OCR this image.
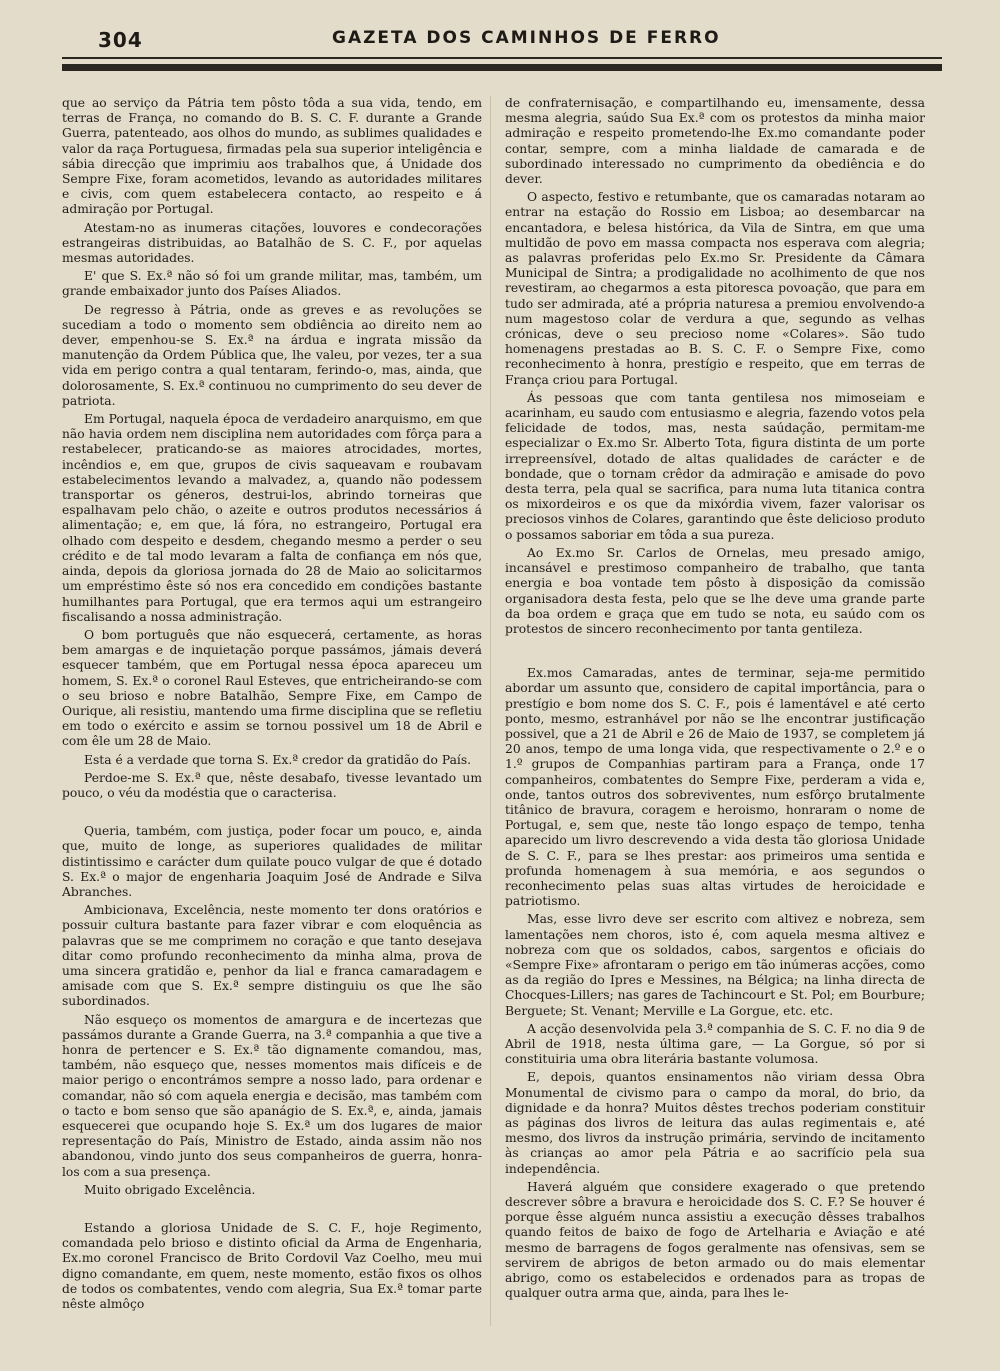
304	GAZETA DOS CAMINHOS DE FERRO

que ao serviço da Pátria tem pôsto tôda a sua vida, tendo, em terras de França, no comando do B. S. C. F. durante a Grande Guerra, patenteado, aos olhos do mundo, as sublimes qualidades e valor da raça Portuguesa, firmadas pela sua superior inteligência e sábia direcção que imprimiu aos trabalhos que, á Unidade dos Sempre Fixe, foram acometidos, levando as autoridades militares e civis, com quem estabelecera contacto, ao respeito e á admiração por Portugal.

Atestam-no as inumeras citações, louvores e condecorações estrangeiras distribuidas, ao Batalhão de S. C. F., por aquelas mesmas autoridades.

E' que S. Ex.ª não só foi um grande militar, mas, também, um grande embaixador junto dos Países Aliados.

De regresso à Pátria, onde as greves e as revoluções se sucediam a todo o momento sem obdiência ao direito nem ao dever, empenhou-se S. Ex.ª na árdua e ingrata missão da manutenção da Ordem Pública que, lhe valeu, por vezes, ter a sua vida em perigo contra a qual tentaram, ferindo-o, mas, ainda, que dolorosamente, S. Ex.ª continuou no cumprimento do seu dever de patriota.

Em Portugal, naquela época de verdadeiro anarquismo, em que não havia ordem nem disciplina nem autoridades com fôrça para a restabelecer, praticando-se as maiores atrocidades, mortes, incêndios e, em que, grupos de civis saqueavam e roubavam estabelecimentos levando a malvadez, a, quando não podessem transportar os géneros, destrui-los, abrindo torneiras que espalhavam pelo chão, o azeite e outros produtos necessários á alimentação; e, em que, lá fóra, no estrangeiro, Portugal era olhado com despeito e desdem, chegando mesmo a perder o seu crédito e de tal modo levaram a falta de confiança em nós que, ainda, depois da gloriosa jornada do 28 de Maio ao solicitarmos um empréstimo êste só nos era concedido em condições bastante humilhantes para Portugal, que era termos aqui um estrangeiro fiscalisando a nossa administração.

O bom português que não esquecerá, certamente, as horas bem amargas e de inquietação porque passámos, jámais deverá esquecer também, que em Portugal nessa época apareceu um homem, S. Ex.ª o coronel Raul Esteves, que entricheirando-se com o seu brioso e nobre Batalhão, Sempre Fixe, em Campo de Ourique, ali resistiu, mantendo uma firme disciplina que se refletiu em todo o exército e assim se tornou possivel um 18 de Abril e com êle um 28 de Maio.

Esta é a verdade que torna S. Ex.ª credor da gratidão do País.

Perdoe-me S. Ex.ª que, nêste desabafo, tivesse levantado um pouco, o véu da modéstia que o caracterisa.

Queria, também, com justiça, poder focar um pouco, e, ainda que, muito de longe, as superiores qualidades de militar distintissimo e carácter dum quilate pouco vulgar de que é dotado S. Ex.ª o major de engenharia Joaquim José de Andrade e Silva Abranches.

Ambicionava, Excelência, neste momento ter dons oratórios e possuir cultura bastante para fazer vibrar e com eloquência as palavras que se me comprimem no coração e que tanto desejava ditar como profundo reconhecimento da minha alma, prova de uma sincera gratidão e, penhor da lial e franca camaradagem e amisade com que S. Ex.ª sempre distinguiu os que lhe são subordinados.

Não esqueço os momentos de amargura e de incertezas que passámos durante a Grande Guerra, na 3.ª companhia a que tive a honra de pertencer e S. Ex.ª tão dignamente comandou, mas, também, não esqueço que, nesses momentos mais difíceis e de maior perigo o encontrámos sempre a nosso lado, para ordenar e comandar, não só com aquela energia e decisão, mas também com o tacto e bom senso que são apanágio de S. Ex.ª, e, ainda, jamais esquecerei que ocupando hoje S. Ex.ª um dos lugares de maior representação do País, Ministro de Estado, ainda assim não nos abandonou, vindo junto dos seus companheiros de guerra, honra-los com a sua presença.

Muito obrigado Excelência.

Estando a gloriosa Unidade de S. C. F., hoje Regimento, comandada pelo brioso e distinto oficial da Arma de Engenharia, Ex.mo coronel Francisco de Brito Cordovil Vaz Coelho, meu mui digno comandante, em quem, neste momento, estão fixos os olhos de todos os combatentes, vendo com alegria, Sua Ex.ª tomar parte nêste almôço

de confraternisação, e compartilhando eu, imensamente, dessa mesma alegria, saúdo Sua Ex.ª com os protestos da minha maior admiração e respeito prometendo-lhe Ex.mo comandante poder contar, sempre, com a minha lialdade de camarada e de subordinado interessado no cumprimento da obediência e do dever.

O aspecto, festivo e retumbante, que os camaradas notaram ao entrar na estação do Rossio em Lisboa; ao desembarcar na encantadora, e belesa histórica, da Vila de Sintra, em que uma multidão de povo em massa compacta nos esperava com alegria; as palavras proferidas pelo Ex.mo Sr. Presidente da Câmara Municipal de Sintra; a prodigalidade no acolhimento de que nos revestiram, ao chegarmos a esta pitoresca povoação, que para em tudo ser admirada, até a própria naturesa a premiou envolvendo-a num magestoso colar de verdura a que, segundo as velhas crónicas, deve o seu precioso nome «Colares». São tudo homenagens prestadas ao B. S. C. F. o Sempre Fixe, como reconhecimento à honra, prestígio e respeito, que em terras de França criou para Portugal.

Ás pessoas que com tanta gentilesa nos mimoseiam e acarinham, eu saudo com entusiasmo e alegria, fazendo votos pela felicidade de todos, mas, nesta saúdação, permitam-me especializar o Ex.mo Sr. Alberto Tota, figura distinta de um porte irrepreensível, dotado de altas qualidades de carácter e de bondade, que o tornam crêdor da admiração e amisade do povo desta terra, pela qual se sacrifica, para numa luta titanica contra os mixordeiros e os que da mixórdia vivem, fazer valorisar os preciosos vinhos de Colares, garantindo que êste delicioso produto o possamos saboriar em tôda a sua pureza.

Ao Ex.mo Sr. Carlos de Ornelas, meu presado amigo, incansável e prestimoso companheiro de trabalho, que tanta energia e boa vontade tem pôsto à disposição da comissão organisadora desta festa, pelo que se lhe deve uma grande parte da boa ordem e graça que em tudo se nota, eu saúdo com os protestos de sincero reconhecimento por tanta gentileza.

Ex.mos Camaradas, antes de terminar, seja-me permitido abordar um assunto que, considero de capital importância, para o prestígio e bom nome dos S. C. F., pois é lamentável e até certo ponto, mesmo, estranhável por não se lhe encontrar justificação possivel, que a 21 de Abril e 26 de Maio de 1937, se completem já 20 anos, tempo de uma longa vida, que respectivamente o 2.º e o 1.º grupos de Companhias partiram para a França, onde 17 companheiros, combatentes do Sempre Fixe, perderam a vida e, onde, tantos outros dos sobreviventes, num esfôrço brutalmente titânico de bravura, coragem e heroismo, honraram o nome de Portugal, e, sem que, neste tão longo espaço de tempo, tenha aparecido um livro descrevendo a vida desta tão gloriosa Unidade de S. C. F., para se lhes prestar: aos primeiros uma sentida e profunda homenagem à sua memória, e aos segundos o reconhecimento pelas suas altas virtudes de heroicidade e patriotismo.

Mas, esse livro deve ser escrito com altivez e nobreza, sem lamentações nem choros, isto é, com aquela mesma altivez e nobreza com que os soldados, cabos, sargentos e oficiais do «Sempre Fixe» afrontaram o perigo em tão inúmeras acções, como as da região do Ipres e Messines, na Bélgica; na linha directa de Chocques-Lillers; nas gares de Tachincourt e St. Pol; em Bourbure; Berguete; St. Venant; Merville e La Gorgue, etc. etc.

A acção desenvolvida pela 3.ª companhia de S. C. F. no dia 9 de Abril de 1918, nesta última gare, — La Gorgue, só por si constituiria uma obra literária bastante volumosa.

E, depois, quantos ensinamentos não viriam dessa Obra Monumental de civismo para o campo da moral, do brio, da dignidade e da honra? Muitos dêstes trechos poderiam constituir as páginas dos livros de leitura das aulas regimentais e, até mesmo, dos livros da instrução primária, servindo de incitamento às crianças ao amor pela Pátria e ao sacrifício pela sua independência.

Haverá alguém que considere exagerado o que pretendo descrever sôbre a bravura e heroicidade dos S. C. F.? Se houver é porque êsse alguém nunca assistiu a execução dêsses trabalhos quando feitos de baixo de fogo de Artelharia e Aviação e até mesmo de barragens de fogos geralmente nas ofensivas, sem se servirem de abrigos de beton armado ou do mais elementar abrigo, como os estabelecidos e ordenados para as tropas de qualquer outra arma que, ainda, para lhes le-
